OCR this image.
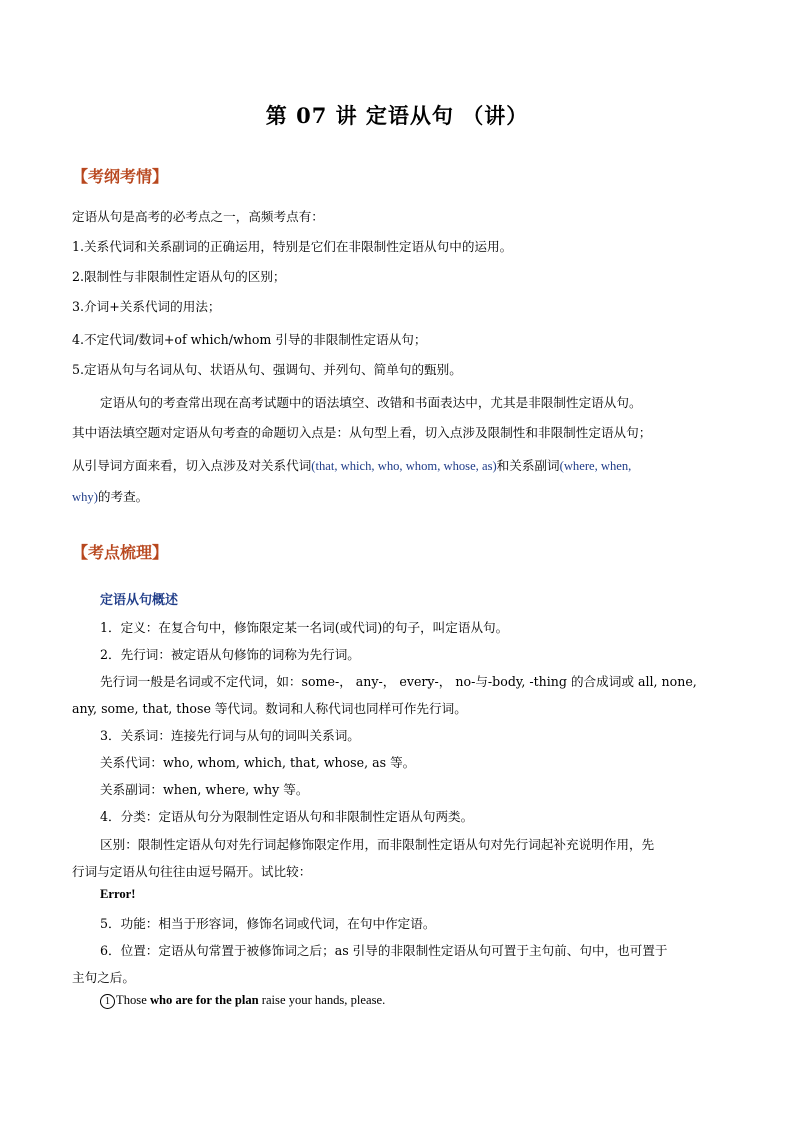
第 07 讲 定语从句 （讲）
【考纲考情】
定语从句是高考的必考点之一，高频考点有：
1.关系代词和关系副词的正确运用，特别是它们在非限制性定语从句中的运用。
2.限制性与非限制性定语从句的区别；
3.介词+关系代词的用法；
4.不定代词/数词+of which/whom 引导的非限制性定语从句；
5.定语从句与名词从句、状语从句、强调句、并列句、简单句的甄别。
定语从句的考查常出现在高考试题中的语法填空、改错和书面表达中，尤其是非限制性定语从句。
其中语法填空题对定语从句考查的命题切入点是：从句型上看，切入点涉及限制性和非限制性定语从句；
从引导词方面来看，切入点涉及对关系代词(that, which, who, whom, whose, as)和关系副词(where, when,
why)的考查。
【考点梳理】
定语从句概述
1．定义：在复合句中，修饰限定某一名词(或代词)的句子，叫定语从句。
2．先行词：被定语从句修饰的词称为先行词。
先行词一般是名词或不定代词，如：some-， any-， every-， no-与-body, -thing 的合成词或 all, none,
any, some, that, those 等代词。数词和人称代词也同样可作先行词。
3．关系词：连接先行词与从句的词叫关系词。
关系代词：who, whom, which, that, whose, as 等。
关系副词：when, where, why 等。
4．分类：定语从句分为限制性定语从句和非限制性定语从句两类。
区别：限制性定语从句对先行词起修饰限定作用，而非限制性定语从句对先行词起补充说明作用，先
行词与定语从句往往由逗号隔开。试比较：
Error!
5．功能：相当于形容词，修饰名词或代词，在句中作定语。
6．位置：定语从句常置于被修饰词之后；as 引导的非限制性定语从句可置于主句前、句中，也可置于
主句之后。
1 Those who are for the plan raise your hands, please.
